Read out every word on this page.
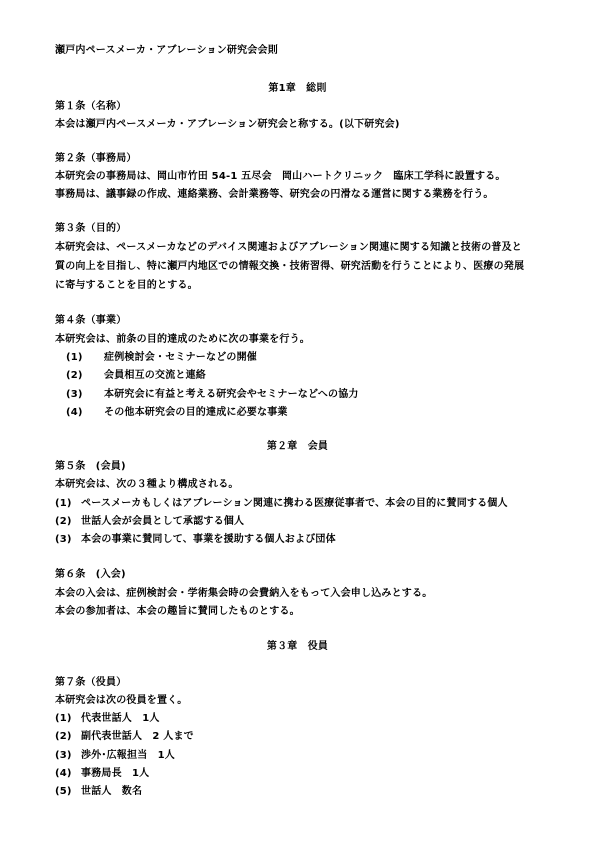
瀬戸内ペースメーカ・アブレーション研究会会則
第1章　総則
第１条（名称）
本会は瀬戸内ペースメーカ・アブレーション研究会と称する。(以下研究会)
第２条（事務局）
本研究会の事務局は、岡山市竹田 54-1 五尽会　岡山ハートクリニック　臨床工学科に設置する。
事務局は、議事録の作成、連絡業務、会計業務等、研究会の円滑なる運営に関する業務を行う。
第３条（目的）
本研究会は、ペースメーカなどのデバイス関連およびアブレーション関連に関する知識と技術の普及と
質の向上を目指し、特に瀬戸内地区での情報交換・技術習得、研究活動を行うことにより、医療の発展
に寄与することを目的とする。
第４条（事業）
本研究会は、前条の目的達成のために次の事業を行う。
(1) 症例検討会・セミナーなどの開催
(2) 会員相互の交流と連絡
(3) 本研究会に有益と考える研究会やセミナーなどへの協力
(4) その他本研究会の目的達成に必要な事業
第２章　会員
第５条　(会員)
本研究会は、次の３種より構成される。
(1) ペースメーカもしくはアブレーション関連に携わる医療従事者で、本会の目的に賛同する個人
(2) 世話人会が会員として承認する個人
(3) 本会の事業に賛同して、事業を援助する個人および団体
第６条　(入会)
本会の入会は、症例検討会・学術集会時の会費納入をもって入会申し込みとする。
本会の参加者は、本会の趣旨に賛同したものとする。
第３章　役員
第７条（役員）
本研究会は次の役員を置く。
(1) 代表世話人　1人
(2) 副代表世話人　2 人まで
(3) 渉外･広報担当　1人
(4) 事務局長　1人
(5) 世話人　数名
